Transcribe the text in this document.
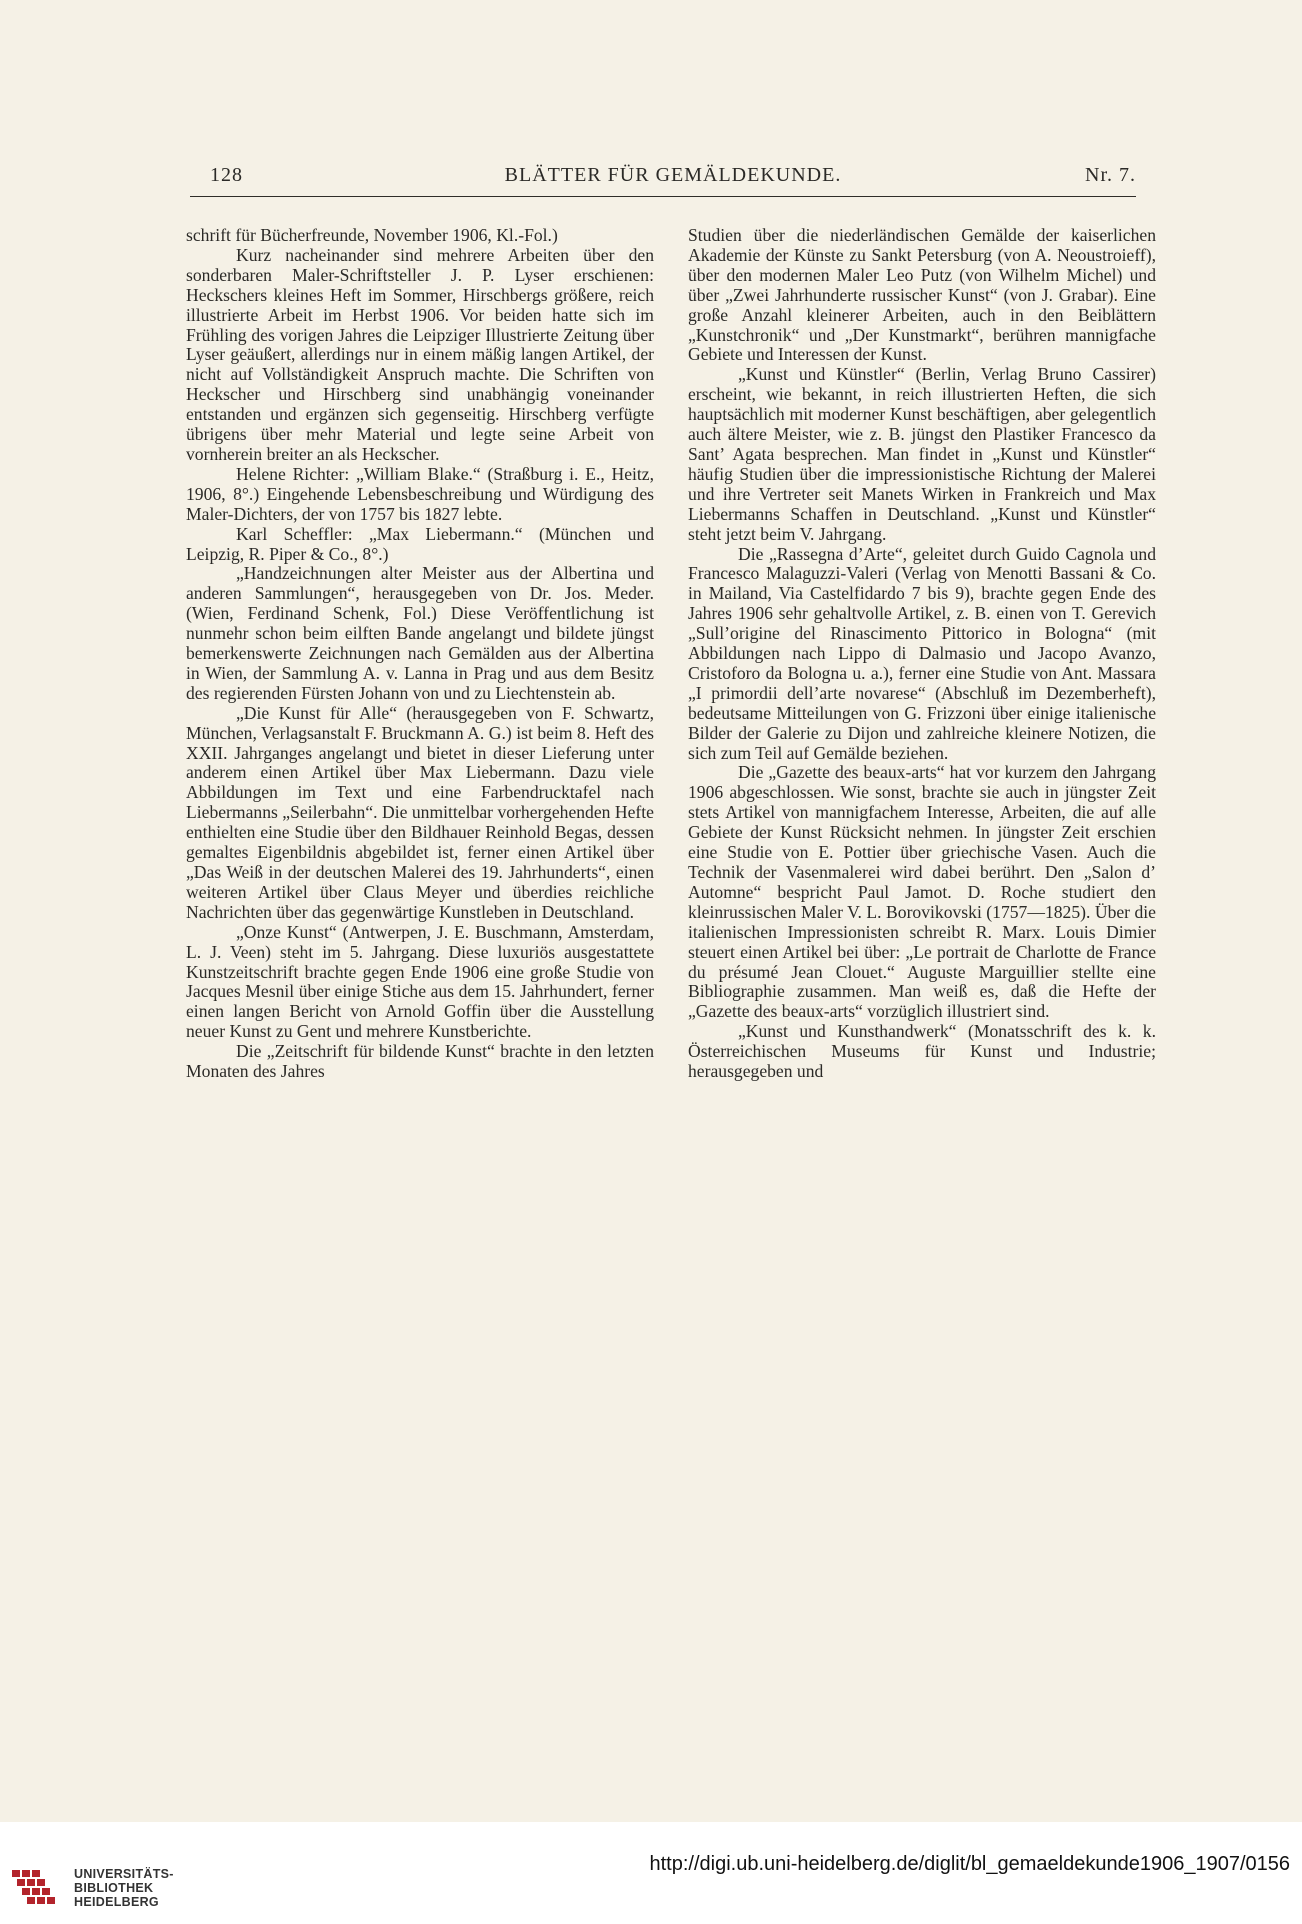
128	BLÄTTER FÜR GEMÄLDEKUNDE.	Nr. 7.

schrift für Bücherfreunde, November 1906, Kl.-Fol.)

Kurz nacheinander sind mehrere Arbeiten über den sonderbaren Maler-Schriftsteller J. P. Lyser erschienen: Heckschers kleines Heft im Sommer, Hirschbergs größere, reich illustrierte Arbeit im Herbst 1906. Vor beiden hatte sich im Frühling des vorigen Jahres die Leipziger Illustrierte Zeitung über Lyser geäußert, allerdings nur in einem mäßig langen Artikel, der nicht auf Vollständigkeit Anspruch machte. Die Schriften von Heckscher und Hirschberg sind unabhängig voneinander entstanden und ergänzen sich gegenseitig. Hirschberg verfügte übrigens über mehr Material und legte seine Arbeit von vornherein breiter an als Heckscher.

Helene Richter: „William Blake.“ (Straßburg i. E., Heitz, 1906, 8°.) Eingehende Lebensbeschreibung und Würdigung des Maler-Dichters, der von 1757 bis 1827 lebte.

Karl Scheffler: „Max Liebermann.“ (München und Leipzig, R. Piper & Co., 8°.)

„Handzeichnungen alter Meister aus der Albertina und anderen Sammlungen“, herausgegeben von Dr. Jos. Meder. (Wien, Ferdinand Schenk, Fol.) Diese Veröffentlichung ist nunmehr schon beim eilften Bande angelangt und bildete jüngst bemerkenswerte Zeichnungen nach Gemälden aus der Albertina in Wien, der Sammlung A. v. Lanna in Prag und aus dem Besitz des regierenden Fürsten Johann von und zu Liechtenstein ab.

„Die Kunst für Alle“ (herausgegeben von F. Schwartz, München, Verlagsanstalt F. Bruckmann A. G.) ist beim 8. Heft des XXII. Jahrganges angelangt und bietet in dieser Lieferung unter anderem einen Artikel über Max Liebermann. Dazu viele Abbildungen im Text und eine Farbendrucktafel nach Liebermanns „Seilerbahn“. Die unmittelbar vorhergehenden Hefte enthielten eine Studie über den Bildhauer Reinhold Begas, dessen gemaltes Eigenbildnis abgebildet ist, ferner einen Artikel über „Das Weiß in der deutschen Malerei des 19. Jahrhunderts“, einen weiteren Artikel über Claus Meyer und überdies reichliche Nachrichten über das gegenwärtige Kunstleben in Deutschland.

„Onze Kunst“ (Antwerpen, J. E. Buschmann, Amsterdam, L. J. Veen) steht im 5. Jahrgang. Diese luxuriös ausgestattete Kunstzeitschrift brachte gegen Ende 1906 eine große Studie von Jacques Mesnil über einige Stiche aus dem 15. Jahrhundert, ferner einen langen Bericht von Arnold Goffin über die Ausstellung neuer Kunst zu Gent und mehrere Kunstberichte.

Die „Zeitschrift für bildende Kunst“ brachte in den letzten Monaten des Jahres

Studien über die niederländischen Gemälde der kaiserlichen Akademie der Künste zu Sankt Petersburg (von A. Neoustroieff), über den modernen Maler Leo Putz (von Wilhelm Michel) und über „Zwei Jahrhunderte russischer Kunst“ (von J. Grabar). Eine große Anzahl kleinerer Arbeiten, auch in den Beiblättern „Kunstchronik“ und „Der Kunstmarkt“, berühren mannigfache Gebiete und Interessen der Kunst.

„Kunst und Künstler“ (Berlin, Verlag Bruno Cassirer) erscheint, wie bekannt, in reich illustrierten Heften, die sich hauptsächlich mit moderner Kunst beschäftigen, aber gelegentlich auch ältere Meister, wie z. B. jüngst den Plastiker Francesco da Sant’ Agata besprechen. Man findet in „Kunst und Künstler“ häufig Studien über die impressionistische Richtung der Malerei und ihre Vertreter seit Manets Wirken in Frankreich und Max Liebermanns Schaffen in Deutschland. „Kunst und Künstler“ steht jetzt beim V. Jahrgang.

Die „Rassegna d’Arte“, geleitet durch Guido Cagnola und Francesco Malaguzzi-Valeri (Verlag von Menotti Bassani & Co. in Mailand, Via Castelfidardo 7 bis 9), brachte gegen Ende des Jahres 1906 sehr gehaltvolle Artikel, z. B. einen von T. Gerevich „Sull’origine del Rinascimento Pittorico in Bologna“ (mit Abbildungen nach Lippo di Dalmasio und Jacopo Avanzo, Cristoforo da Bologna u. a.), ferner eine Studie von Ant. Massara „I primordii dell’arte novarese“ (Abschluß im Dezemberheft), bedeutsame Mitteilungen von G. Frizzoni über einige italienische Bilder der Galerie zu Dijon und zahlreiche kleinere Notizen, die sich zum Teil auf Gemälde beziehen.

Die „Gazette des beaux-arts“ hat vor kurzem den Jahrgang 1906 abgeschlossen. Wie sonst, brachte sie auch in jüngster Zeit stets Artikel von mannigfachem Interesse, Arbeiten, die auf alle Gebiete der Kunst Rücksicht nehmen. In jüngster Zeit erschien eine Studie von E. Pottier über griechische Vasen. Auch die Technik der Vasenmalerei wird dabei berührt. Den „Salon d’ Automne“ bespricht Paul Jamot. D. Roche studiert den kleinrussischen Maler V. L. Borovikovski (1757—1825). Über die italienischen Impressionisten schreibt R. Marx. Louis Dimier steuert einen Artikel bei über: „Le portrait de Charlotte de France du présumé Jean Clouet.“ Auguste Marguillier stellte eine Bibliographie zusammen. Man weiß es, daß die Hefte der „Gazette des beaux-arts“ vorzüglich illustriert sind.

„Kunst und Kunsthandwerk“ (Monatsschrift des k. k. Österreichischen Museums für Kunst und Industrie; herausgegeben und

UNIVERSITÄTS-
BIBLIOTHEK
HEIDELBERG
http://digi.ub.uni-heidelberg.de/diglit/bl_gemaeldekunde1906_1907/0156
